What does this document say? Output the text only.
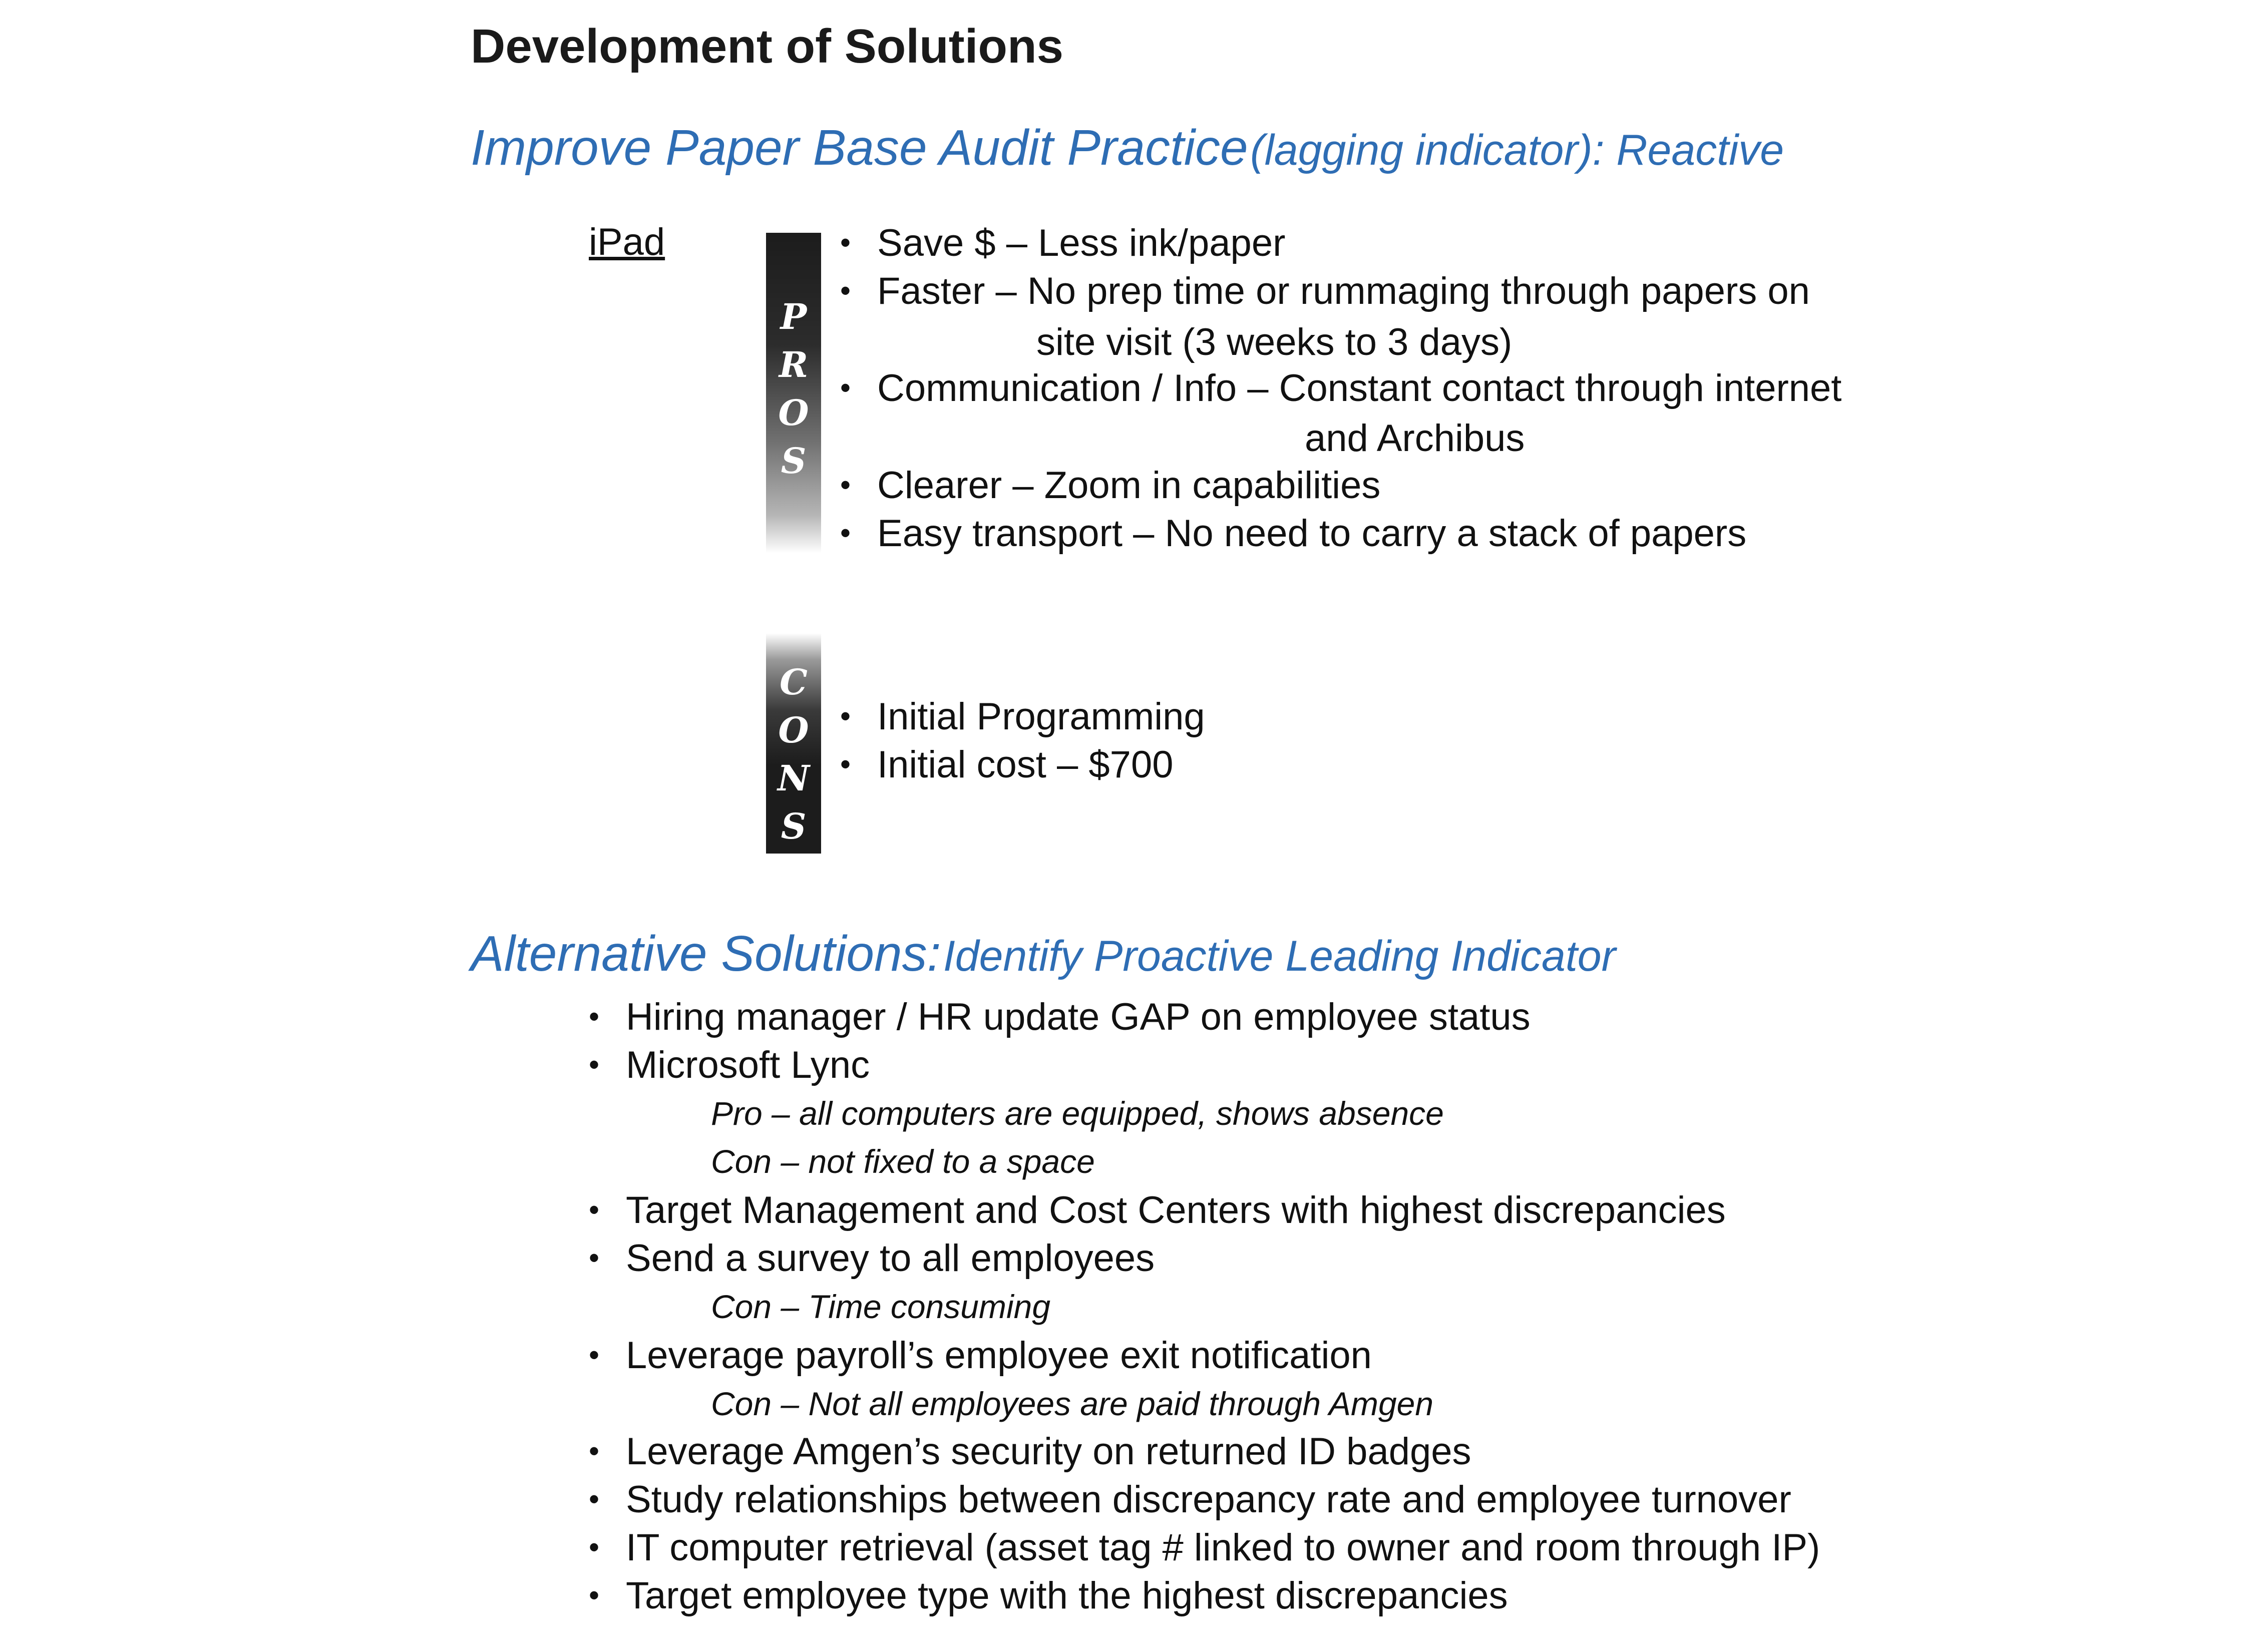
Development of Solutions
Improve Paper Base Audit Practice (lagging indicator): Reactive
iPad
P
R
O
S
• Save $ – Less ink/paper
• Faster – No prep time or rummaging through papers on
site visit (3 weeks to 3 days)
• Communication / Info – Constant contact through internet
and Archibus
• Clearer – Zoom in capabilities
• Easy transport – No need to carry a stack of papers
C
O
N
S
• Initial Programming
• Initial cost – $700
Alternative Solutions: Identify Proactive Leading Indicator
• Hiring manager / HR update GAP on employee status
• Microsoft Lync
Pro – all computers are equipped, shows absence
Con – not fixed to a space
• Target Management and Cost Centers with highest discrepancies
• Send a survey to all employees
Con – Time consuming
• Leverage payroll’s employee exit notification
Con – Not all employees are paid through Amgen
• Leverage Amgen’s security on returned ID badges
• Study relationships between discrepancy rate and employee turnover
• IT computer retrieval (asset tag # linked to owner and room through IP)
• Target employee type with the highest discrepancies
